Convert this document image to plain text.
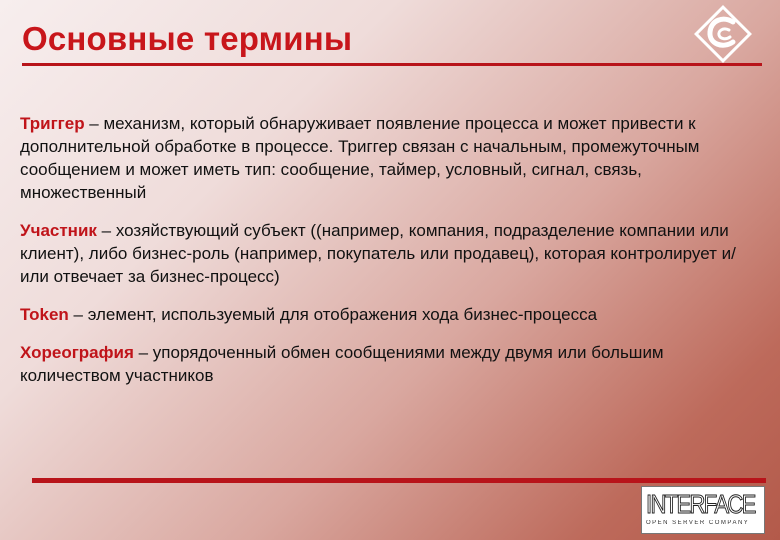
Основные термины

Триггер – механизм, который обнаруживает появление процесса и может привести к дополнительной обработке в процессе. Триггер связан с начальным, промежуточным сообщением и может иметь тип: сообщение, таймер, условный, сигнал, связь, множественный

Участник – хозяйствующий субъект ((например, компания, подразделение компании или клиент), либо бизнес-роль (например, покупатель или продавец), которая контролирует и/или отвечает за бизнес-процесс)

Token – элемент, используемый для отображения хода бизнес-процесса

Хореография – упорядоченный обмен сообщениями между двумя или большим количеством участников

INTERFACE
OPEN SERVER COMPANY
